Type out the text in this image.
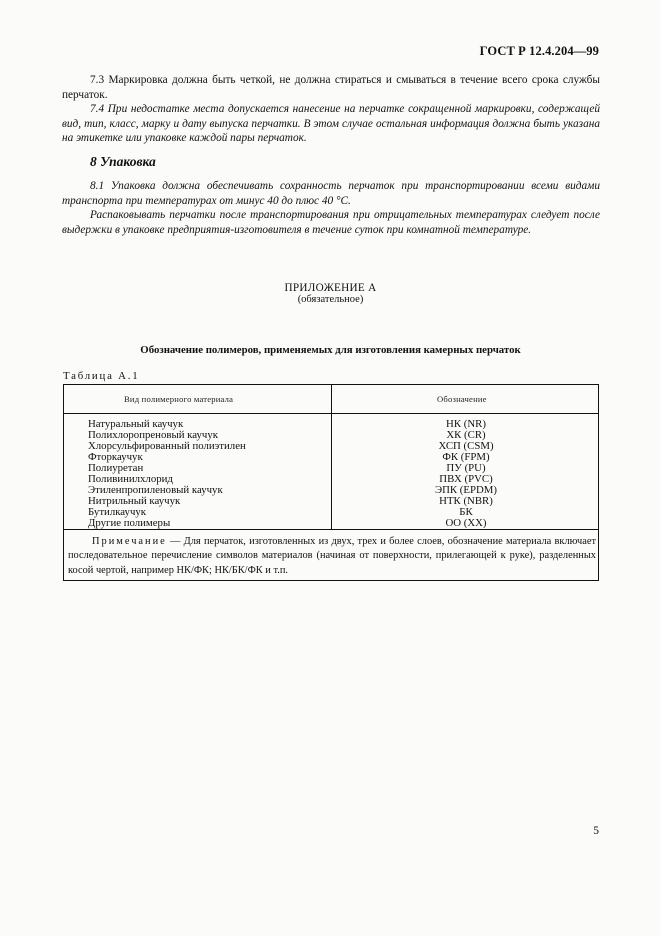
ГОСТ Р 12.4.204—99

7.3 Маркировка должна быть четкой, не должна стираться и смываться в течение всего срока службы перчаток.

7.4 При недостатке места допускается нанесение на перчатке сокращенной маркировки, содержащей вид, тип, класс, марку и дату выпуска перчатки. В этом случае остальная информация должна быть указана на этикетке или упаковке каждой пары перчаток.

8 Упаковка

8.1 Упаковка должна обеспечивать сохранность перчаток при транспортировании всеми видами транспорта при температурах от минус 40 до плюс 40 °С.

Распаковывать перчатки после транспортирования при отрицательных температурах следует после выдержки в упаковке предприятия-изготовителя в течение суток при комнатной температуре.

ПРИЛОЖЕНИЕ А
(обязательное)
Обозначение полимеров, применяемых для изготовления камерных перчаток
Таблица А.1
Вид полимерного материала	Обозначение
Натуральный каучук	НК (NR)
Полихлоропреновый каучук	ХК (CR)
Хлорсульфированный полиэтилен	ХСП (CSM)
Фторкаучук	ФК (FPM)
Полиуретан	ПУ (PU)
Поливинилхлорид	ПВХ (PVC)
Этиленпропиленовый каучук	ЭПК (EPDM)
Нитрильный каучук	НТК (NBR)
Бутилкаучук	БК
Другие полимеры	ОО (XX)

Примечание — Для перчаток, изготовленных из двух, трех и более слоев, обозначение материала включает последовательное перечисление символов материалов (начиная от поверхности, прилегающей к руке), разделенных косой чертой, например НК/ФК; НК/БК/ФК и т.п.

5
